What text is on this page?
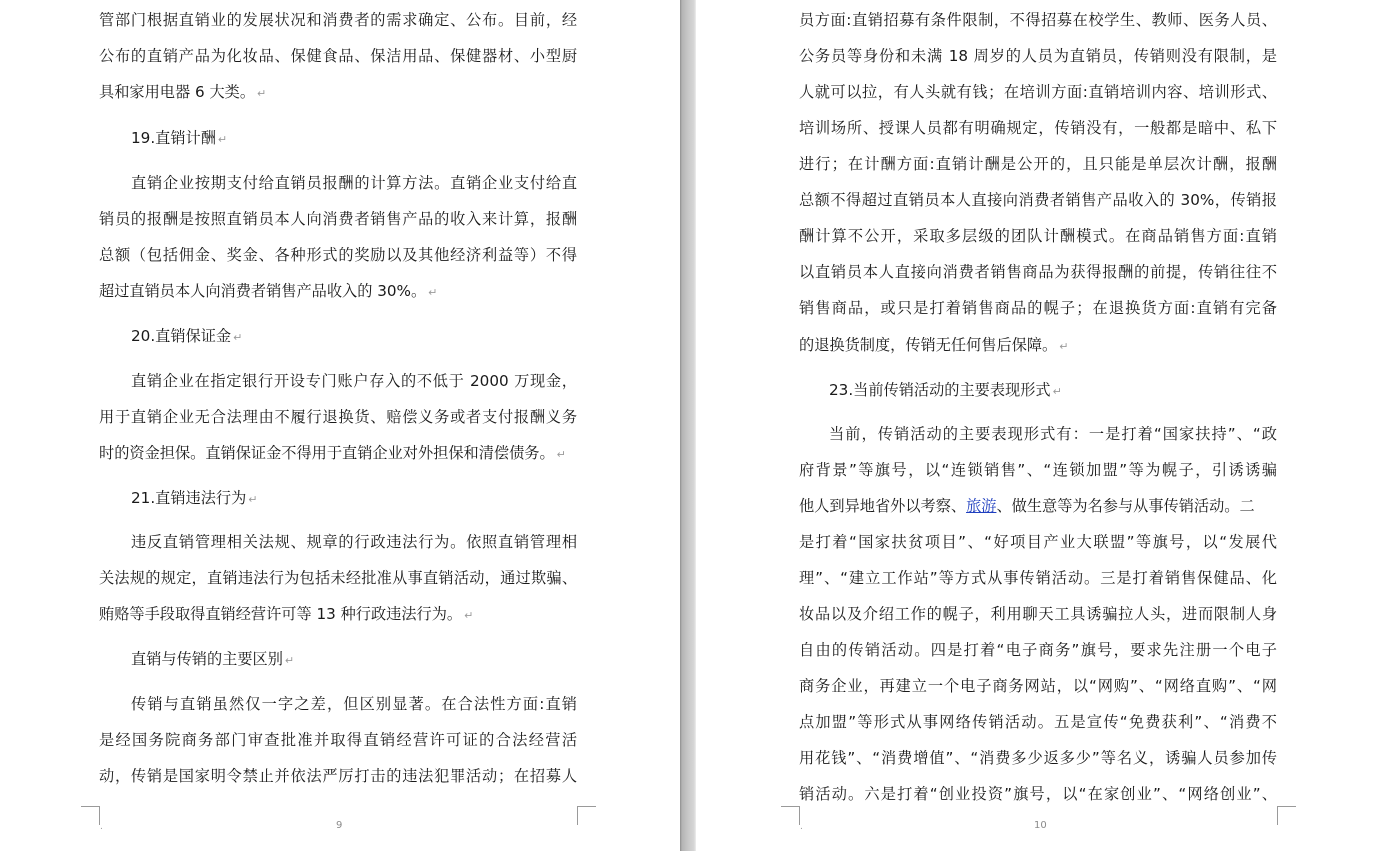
管部门根据直销业的发展状况和消费者的需求确定、公布。目前，经
公布的直销产品为化妆品、保健食品、保洁用品、保健器材、小型厨
具和家用电器 6 大类。 ↵
19.直销计酬 ↵
直销企业按期支付给直销员报酬的计算方法。直销企业支付给直
销员的报酬是按照直销员本人向消费者销售产品的收入来计算，报酬
总额（包括佣金、奖金、各种形式的奖励以及其他经济利益等）不得
超过直销员本人向消费者销售产品收入的 30%。 ↵
20.直销保证金 ↵
直销企业在指定银行开设专门账户存入的不低于 2000 万现金，
用于直销企业无合法理由不履行退换货、赔偿义务或者支付报酬义务
时的资金担保。直销保证金不得用于直销企业对外担保和清偿债务。 ↵
21.直销违法行为 ↵
违反直销管理相关法规、规章的行政违法行为。依照直销管理相
关法规的规定，直销违法行为包括未经批准从事直销活动，通过欺骗、
贿赂等手段取得直销经营许可等 13 种行政违法行为。 ↵
直销与传销的主要区别 ↵
传销与直销虽然仅一字之差，但区别显著。在合法性方面:直销
是经国务院商务部门审查批准并取得直销经营许可证的合法经营活
动，传销是国家明令禁止并依法严厉打击的违法犯罪活动；在招募人
.	9
员方面:直销招募有条件限制，不得招募在校学生、教师、医务人员、
公务员等身份和未满 18 周岁的人员为直销员，传销则没有限制，是
人就可以拉，有人头就有钱；在培训方面:直销培训内容、培训形式、
培训场所、授课人员都有明确规定，传销没有，一般都是暗中、私下
进行；在计酬方面:直销计酬是公开的，且只能是单层次计酬，报酬
总额不得超过直销员本人直接向消费者销售产品收入的 30%，传销报
酬计算不公开，采取多层级的团队计酬模式。在商品销售方面:直销
以直销员本人直接向消费者销售商品为获得报酬的前提，传销往往不
销售商品，或只是打着销售商品的幌子；在退换货方面:直销有完备
的退换货制度，传销无任何售后保障。 ↵
23.当前传销活动的主要表现形式 ↵
当前，传销活动的主要表现形式有：一是打着“国家扶持”、“政
府背景”等旗号，以“连锁销售”、“连锁加盟”等为幌子，引诱诱骗
他人到异地省外以考察、 旅游 、做生意等为名参与从事传销活动。二
是打着“国家扶贫项目”、“好项目产业大联盟”等旗号，以“发展代
理”、“建立工作站”等方式从事传销活动。三是打着销售保健品、化
妆品以及介绍工作的幌子，利用聊天工具诱骗拉人头，进而限制人身
自由的传销活动。四是打着“电子商务”旗号，要求先注册一个电子
商务企业，再建立一个电子商务网站，以“网购”、“网络直购”、“网
点加盟”等形式从事网络传销活动。五是宣传“免费获利”、“消费不
用花钱”、“消费增值”、“消费多少返多少”等名义，诱骗人员参加传
销活动。六是打着“创业投资”旗号，以“在家创业”、“网络创业”、
.	10
